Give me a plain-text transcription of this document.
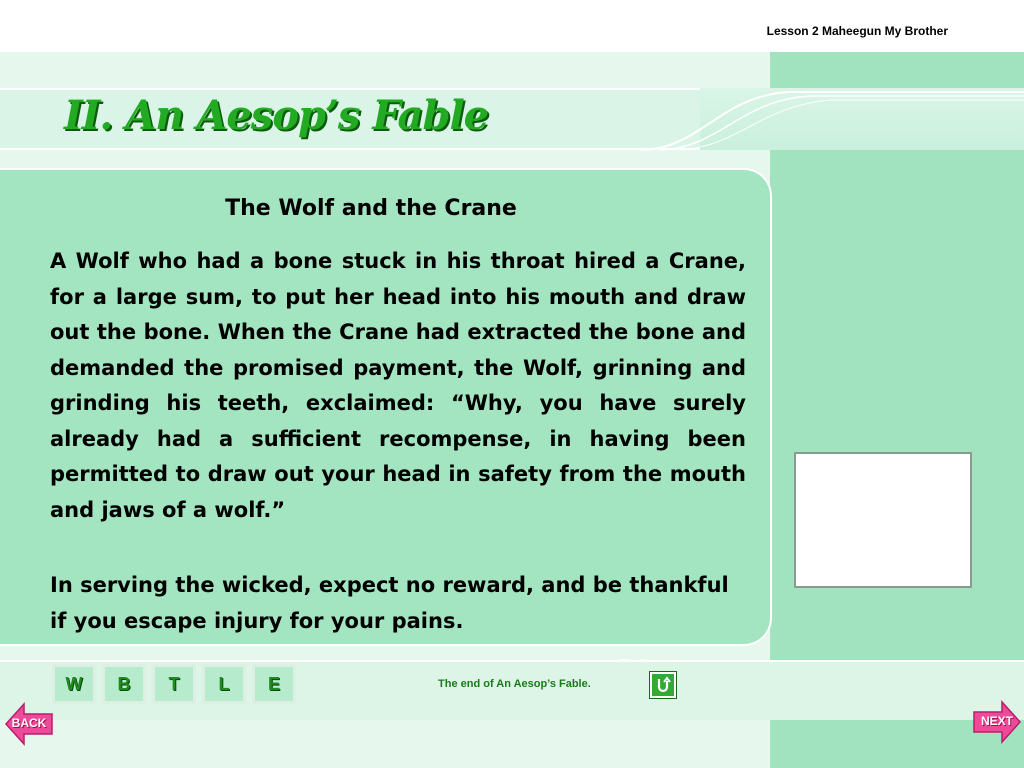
Lesson 2 Maheegun My Brother
II. An Aesop’s Fable
The Wolf and the Crane
A Wolf who had a bone stuck in his throat hired a Crane, for a large sum, to put her head into his mouth and draw out the bone. When the Crane had extracted the bone and demanded the promised payment, the Wolf, grinning and grinding his teeth, exclaimed: “Why, you have surely already had a sufficient recompense, in having been permitted to draw out your head in safety from the mouth and jaws of a wolf.”
In serving the wicked, expect no reward, and be thankful if you escape injury for your pains.
W	B	T	L	E	The end of An Aesop’s Fable.
BACK	NEXT
